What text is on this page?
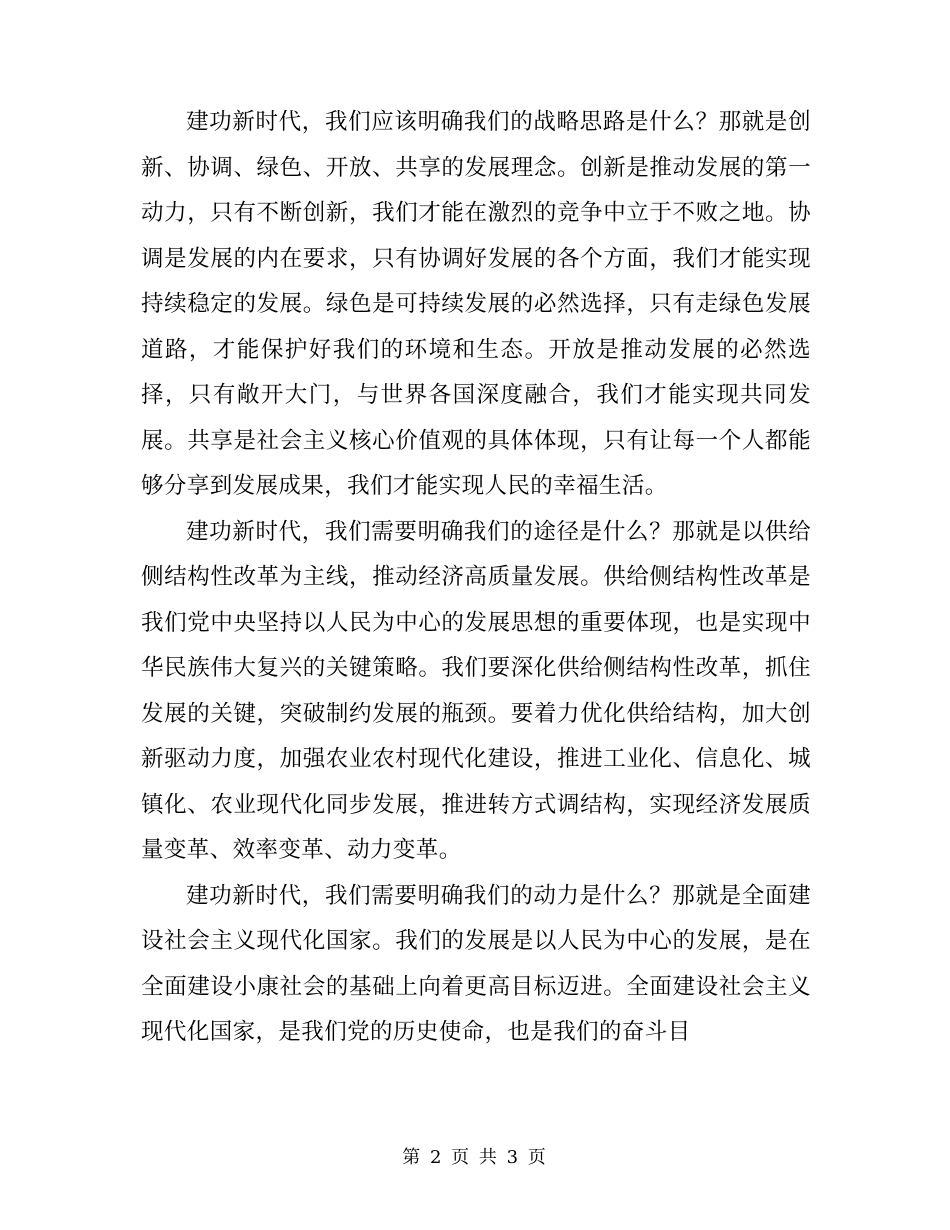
建功新时代，我们应该明确我们的战略思路是什么？那就是创新、协调、绿色、开放、共享的发展理念。创新是推动发展的第一动力，只有不断创新，我们才能在激烈的竞争中立于不败之地。协调是发展的内在要求，只有协调好发展的各个方面，我们才能实现持续稳定的发展。绿色是可持续发展的必然选择，只有走绿色发展道路，才能保护好我们的环境和生态。开放是推动发展的必然选择，只有敞开大门，与世界各国深度融合，我们才能实现共同发展。共享是社会主义核心价值观的具体体现，只有让每一个人都能够分享到发展成果，我们才能实现人民的幸福生活。

建功新时代，我们需要明确我们的途径是什么？那就是以供给侧结构性改革为主线，推动经济高质量发展。供给侧结构性改革是我们党中央坚持以人民为中心的发展思想的重要体现，也是实现中华民族伟大复兴的关键策略。我们要深化供给侧结构性改革，抓住发展的关键，突破制约发展的瓶颈。要着力优化供给结构，加大创新驱动力度，加强农业农村现代化建设，推进工业化、信息化、城镇化、农业现代化同步发展，推进转方式调结构，实现经济发展质量变革、效率变革、动力变革。

建功新时代，我们需要明确我们的动力是什么？那就是全面建设社会主义现代化国家。我们的发展是以人民为中心的发展，是在全面建设小康社会的基础上向着更高目标迈进。全面建设社会主义现代化国家，是我们党的历史使命，也是我们的奋斗目

第 2 页 共 3 页
